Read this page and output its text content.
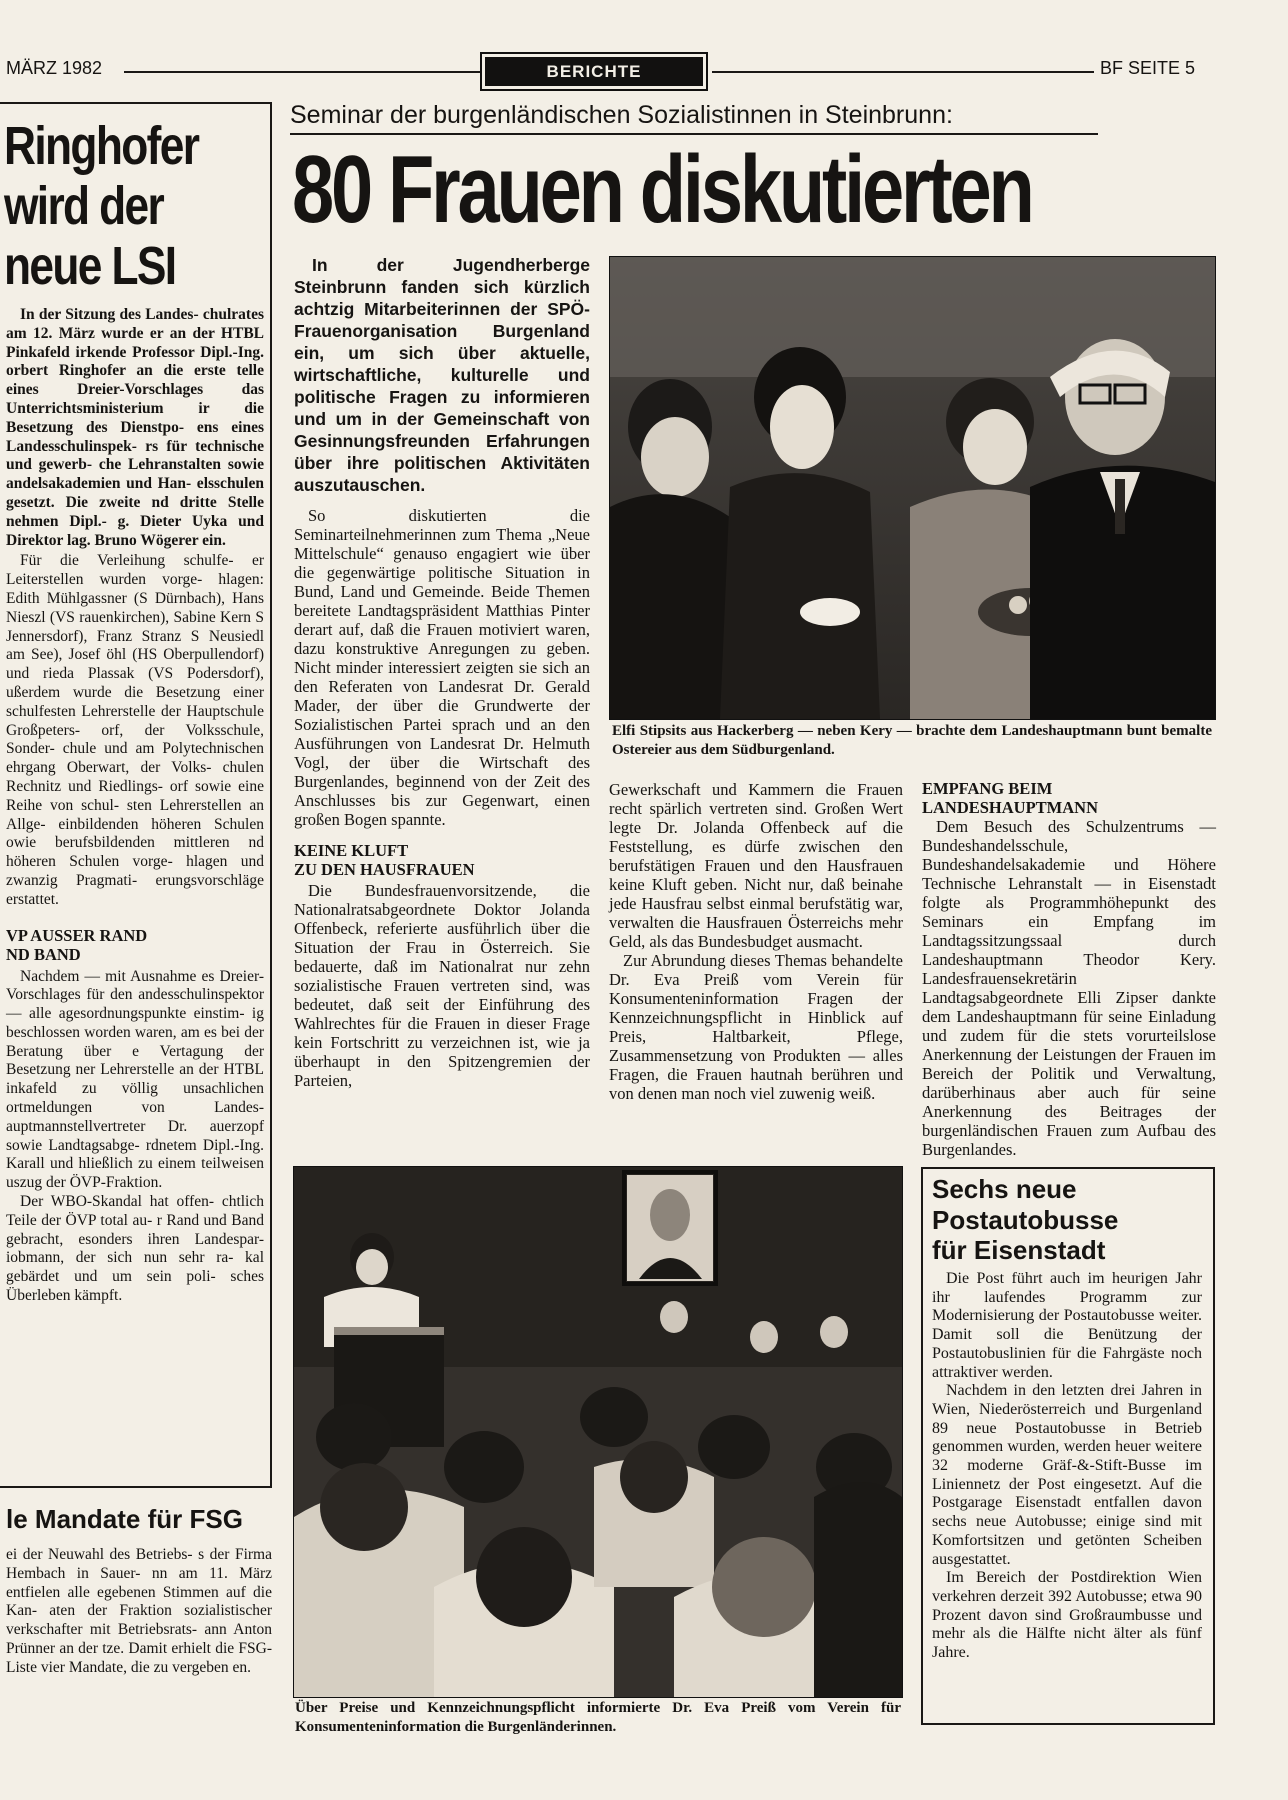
MÄRZ 1982	BERICHTE	BF SEITE 5
Ringhofer
wird der
neue LSI

In der Sitzung des Landes- chulrates am 12. März wurde er an der HTBL Pinkafeld irkende Professor Dipl.-Ing. orbert Ringhofer an die erste telle eines Dreier-Vorschlages das Unterrichtsministerium ir die Besetzung des Dienstpo- ens eines Landesschulinspek- rs für technische und gewerb- che Lehranstalten sowie andelsakademien und Han- elsschulen gesetzt. Die zweite nd dritte Stelle nehmen Dipl.- g. Dieter Uyka und Direktor lag. Bruno Wögerer ein.

Für die Verleihung schulfe- er Leiterstellen wurden vorge- hlagen: Edith Mühlgassner (S Dürnbach), Hans Nieszl (VS rauenkirchen), Sabine Kern S Jennersdorf), Franz Stranz S Neusiedl am See), Josef öhl (HS Oberpullendorf) und rieda Plassak (VS Podersdorf), ußerdem wurde die Besetzung einer schulfesten Lehrerstelle der Hauptschule Großpeters- orf, der Volksschule, Sonder- chule und am Polytechnischen ehrgang Oberwart, der Volks- chulen Rechnitz und Riedlings- orf sowie eine Reihe von schul- sten Lehrerstellen an Allge- einbildenden höheren Schulen owie berufsbildenden mittleren nd höheren Schulen vorge- hlagen und zwanzig Pragmati- erungsvorschläge erstattet.

VP AUSSER RAND
ND BAND

Nachdem — mit Ausnahme es Dreier-Vorschlages für den andesschulinspektor — alle agesordnungspunkte einstim- ig beschlossen worden waren, am es bei der Beratung über e Vertagung der Besetzung ner Lehrerstelle an der HTBL inkafeld zu völlig unsachlichen ortmeldungen von Landes- auptmannstellvertreter Dr. auerzopf sowie Landtagsabge- rdnetem Dipl.-Ing. Karall und hließlich zu einem teilweisen uszug der ÖVP-Fraktion.

Der WBO-Skandal hat offen- chtlich Teile der ÖVP total au- r Rand und Band gebracht, esonders ihren Landespar- iobmann, der sich nun sehr ra- kal gebärdet und um sein poli- sches Überleben kämpft.

le Mandate für FSG
ei der Neuwahl des Betriebs- s der Firma Hembach in Sauer- nn am 11. März entfielen alle egebenen Stimmen auf die Kan- aten der Fraktion sozialistischer verkschafter mit Betriebsrats- ann Anton Prünner an der tze. Damit erhielt die FSG-Liste vier Mandate, die zu vergeben en.
Seminar der burgenländischen Sozialistinnen in Steinbrunn:
80 Frauen diskutierten

In der Jugendherberge Steinbrunn fanden sich kürzlich achtzig Mitarbeiterinnen der SPÖ-Frauenorganisation Burgenland ein, um sich über aktuelle, wirtschaftliche, kulturelle und politische Fragen zu informieren und um in der Gemeinschaft von Gesinnungsfreunden Erfahrungen über ihre politischen Aktivitäten auszutauschen.

So diskutierten die Seminarteilnehmerinnen zum Thema „Neue Mittelschule“ genauso engagiert wie über die gegenwärtige politische Situation in Bund, Land und Gemeinde. Beide Themen bereitete Landtagspräsident Matthias Pinter derart auf, daß die Frauen motiviert waren, dazu konstruktive Anregungen zu geben. Nicht minder interessiert zeigten sie sich an den Referaten von Landesrat Dr. Gerald Mader, der über die Grundwerte der Sozialistischen Partei sprach und an den Ausführungen von Landesrat Dr. Helmuth Vogl, der über die Wirtschaft des Burgenlandes, beginnend von der Zeit des Anschlusses bis zur Gegenwart, einen großen Bogen spannte.

KEINE KLUFT
ZU DEN HAUSFRAUEN

Die Bundesfrauenvorsitzende, die Nationalratsabgeordnete Doktor Jolanda Offenbeck, referierte ausführlich über die Situation der Frau in Österreich. Sie bedauerte, daß im Nationalrat nur zehn sozialistische Frauen vertreten sind, was bedeutet, daß seit der Einführung des Wahlrechtes für die Frauen in dieser Frage kein Fortschritt zu verzeichnen ist, wie ja überhaupt in den Spitzengremien der Parteien,

Elfi Stipsits aus Hackerberg — neben Kery — brachte dem Landeshauptmann bunt bemalte Ostereier aus dem Südburgenland.

Gewerkschaft und Kammern die Frauen recht spärlich vertreten sind. Großen Wert legte Dr. Jolanda Offenbeck auf die Feststellung, es dürfe zwischen den berufstätigen Frauen und den Hausfrauen keine Kluft geben. Nicht nur, daß beinahe jede Hausfrau selbst einmal berufstätig war, verwalten die Hausfrauen Österreichs mehr Geld, als das Bundesbudget ausmacht.

Zur Abrundung dieses Themas behandelte Dr. Eva Preiß vom Verein für Konsumenteninformation Fragen der Kennzeichnungspflicht in Hinblick auf Preis, Haltbarkeit, Pflege, Zusammensetzung von Produkten — alles Fragen, die Frauen hautnah berühren und von denen man noch viel zuwenig weiß.

EMPFANG BEIM
LANDESHAUPTMANN

Dem Besuch des Schulzentrums — Bundeshandelsschule, Bundeshandelsakademie und Höhere Technische Lehranstalt — in Eisenstadt folgte als Programmhöhepunkt des Seminars ein Empfang im Landtagssitzungssaal durch Landeshauptmann Theodor Kery. Landesfrauensekretärin Landtagsabgeordnete Elli Zipser dankte dem Landeshauptmann für seine Einladung und zudem für die stets vorurteilslose Anerkennung der Leistungen der Frauen im Bereich der Politik und Verwaltung, darüberhinaus aber auch für seine Anerkennung des Beitrages der burgenländischen Frauen zum Aufbau des Burgenlandes.

Über Preise und Kennzeichnungspflicht informierte Dr. Eva Preiß vom Verein für Konsumenteninformation die Burgenländerinnen.
Sechs neue
Postautobusse
für Eisenstadt

Die Post führt auch im heurigen Jahr ihr laufendes Programm zur Modernisierung der Postautobusse weiter. Damit soll die Benützung der Postautobuslinien für die Fahrgäste noch attraktiver werden.

Nachdem in den letzten drei Jahren in Wien, Niederösterreich und Burgenland 89 neue Postautobusse in Betrieb genommen wurden, werden heuer weitere 32 moderne Gräf-&-Stift-Busse im Liniennetz der Post eingesetzt. Auf die Postgarage Eisenstadt entfallen davon sechs neue Autobusse; einige sind mit Komfortsitzen und getönten Scheiben ausgestattet.

Im Bereich der Postdirektion Wien verkehren derzeit 392 Autobusse; etwa 90 Prozent davon sind Großraumbusse und mehr als die Hälfte nicht älter als fünf Jahre.
